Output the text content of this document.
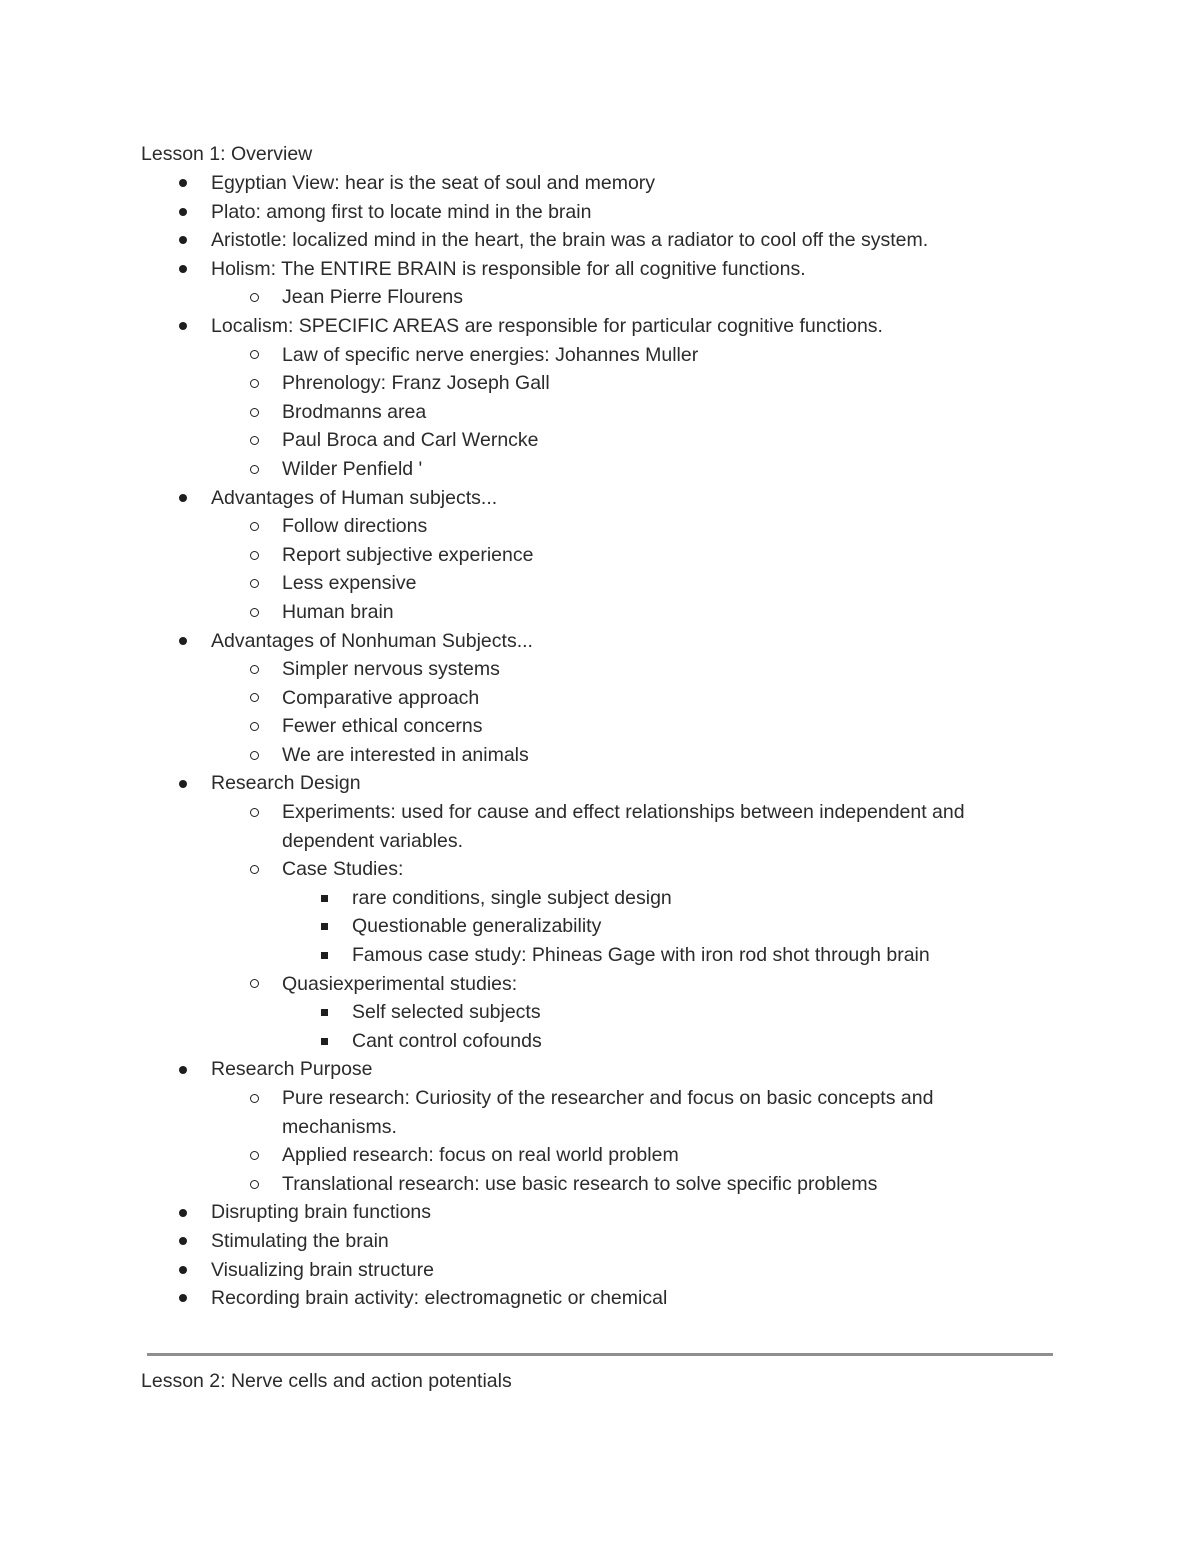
Lesson 1: Overview
Egyptian View: hear is the seat of soul and memory
Plato: among first to locate mind in the brain
Aristotle: localized mind in the heart, the brain was a radiator to cool off the system.
Holism: The ENTIRE BRAIN is responsible for all cognitive functions.
Jean Pierre Flourens
Localism: SPECIFIC AREAS are responsible for particular cognitive functions.
Law of specific nerve energies: Johannes Muller
Phrenology: Franz Joseph Gall
Brodmanns area
Paul Broca and Carl Werncke
Wilder Penfield '
Advantages of Human subjects...
Follow directions
Report subjective experience
Less expensive
Human brain
Advantages of Nonhuman Subjects...
Simpler nervous systems
Comparative approach
Fewer ethical concerns
We are interested in animals
Research Design
Experiments: used for cause and effect relationships between independent and dependent variables.
Case Studies:
rare conditions, single subject design
Questionable generalizability
Famous case study: Phineas Gage with iron rod shot through brain
Quasiexperimental studies:
Self selected subjects
Cant control cofounds
Research Purpose
Pure research: Curiosity of the researcher and focus on basic concepts and mechanisms.
Applied research: focus on real world problem
Translational research: use basic research to solve specific problems
Disrupting brain functions
Stimulating the brain
Visualizing brain structure
Recording brain activity: electromagnetic or chemical
Lesson 2: Nerve cells and action potentials
